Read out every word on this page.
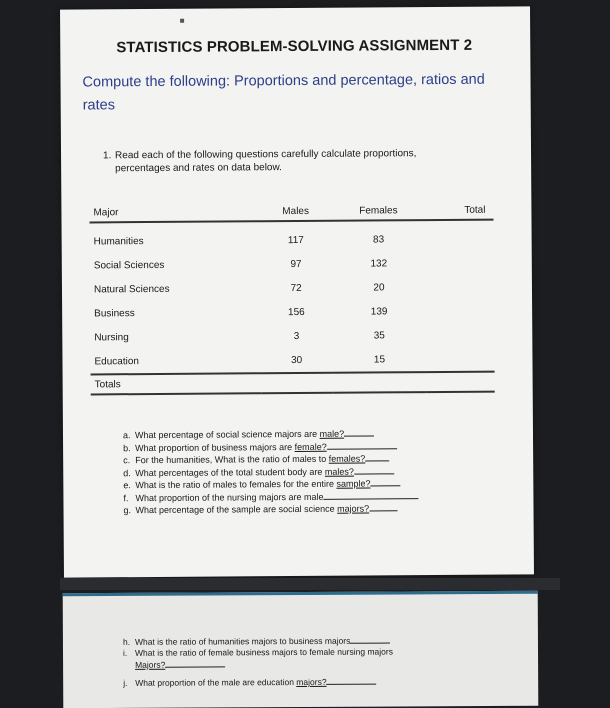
STATISTICS PROBLEM-SOLVING ASSIGNMENT 2
Compute the following: Proportions and percentage, ratios and rates
1. Read each of the following questions carefully calculate proportions, percentages and rates on data below.
Major	Males	Females	Total
Humanities	117	83	
Social Sciences	97	132	
Natural Sciences	72	20	
Business	156	139	
Nursing	3	35	
Education	30	15	
Totals			
a. What percentage of social science majors are male?
b. What proportion of business majors are female?
c. For the humanities, What is the ratio of males to females?
d. What percentages of the total student body are males?
e. What is the ratio of males to females for the entire sample?
f. What proportion of the nursing majors are male
g. What percentage of the sample are social science majors?
h. What is the ratio of humanities majors to business majors
i. What is the ratio of female business majors to female nursing majors
Majors?
j. What proportion of the male are education majors?
